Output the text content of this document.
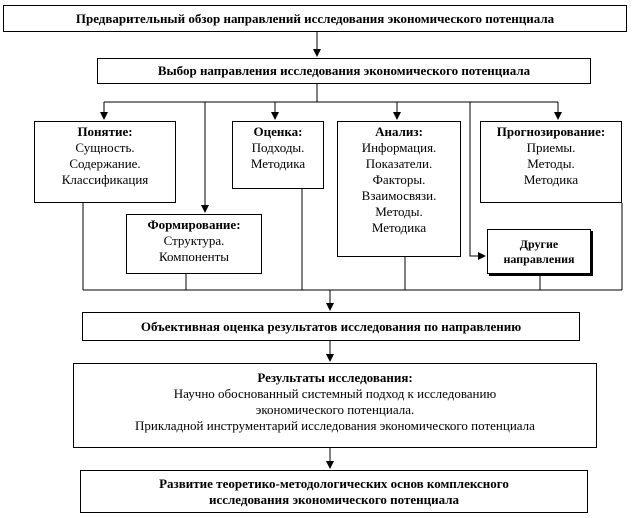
Предварительный обзор направлений исследования экономического потенциала
Выбор направления исследования экономического потенциала
Понятие:
Сущность.
Содержание.
Классификация
Оценка:
Подходы.
Методика
Анализ:
Информация.
Показатели.
Факторы.
Взаимосвязи.
Методы.
Методика
Прогнозирование:
Приемы.
Методы.
Методика
Формирование:
Структура.
Компоненты
Другие
направления
Объективная оценка результатов исследования по направлению
Результаты исследования:
Научно обоснованный системный подход к исследованию
экономического потенциала.
Прикладной инструментарий исследования экономического потенциала
Развитие теоретико-методологических основ комплексного
исследования экономического потенциала
